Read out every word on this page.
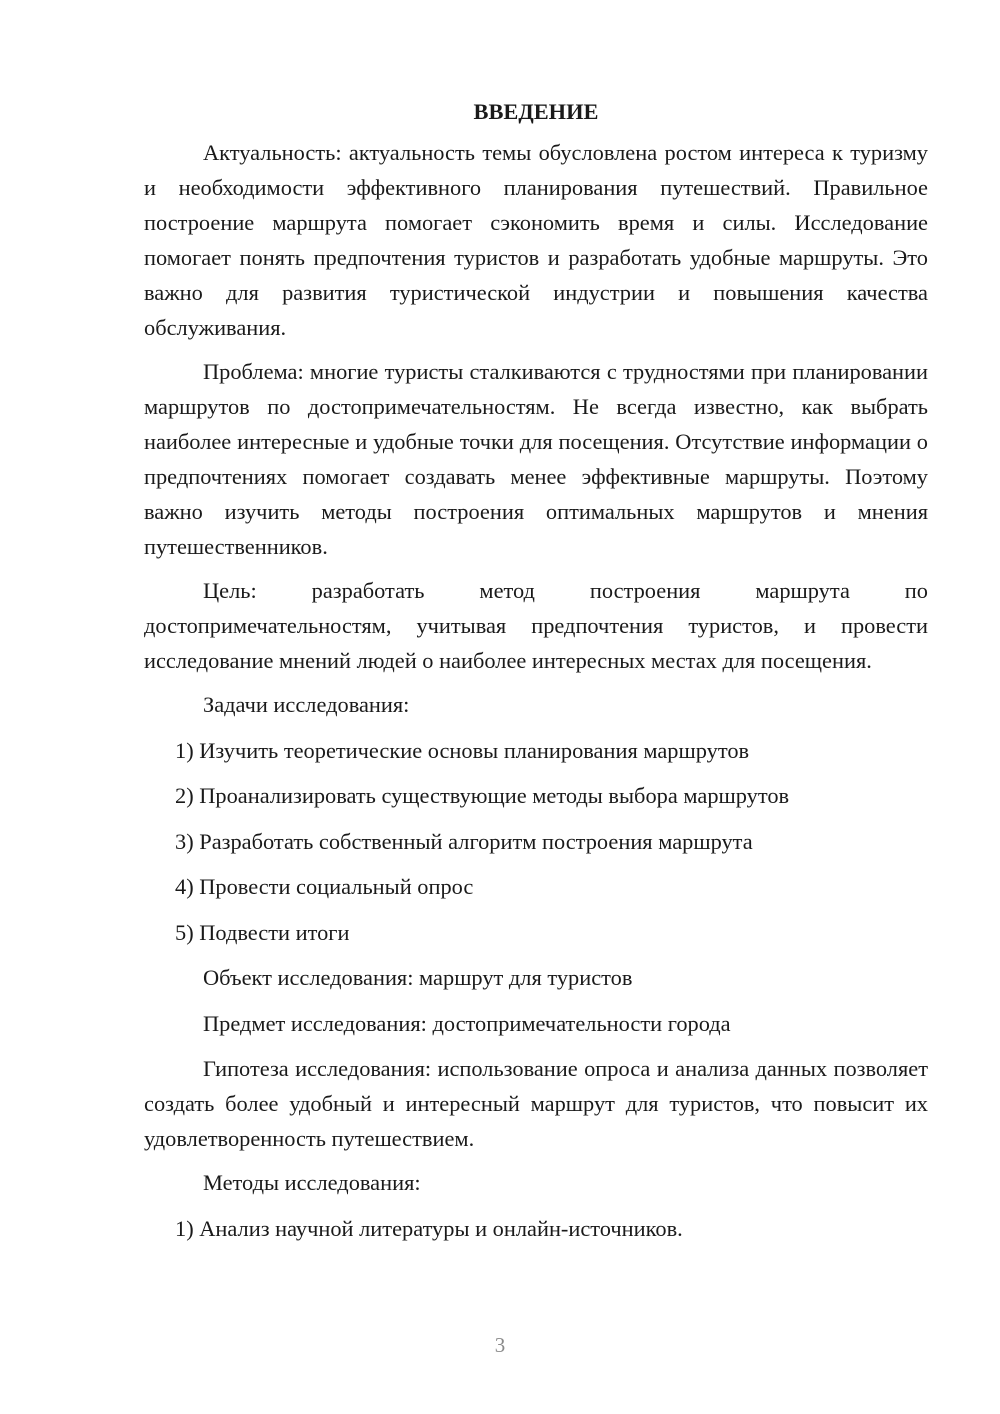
ВВЕДЕНИЕ

Актуальность: актуальность темы обусловлена ростом интереса к туризму и необходимости эффективного планирования путешествий. Правильное построение маршрута помогает сэкономить время и силы. Исследование помогает понять предпочтения туристов и разработать удобные маршруты. Это важно для развития туристической индустрии и повышения качества обслуживания.

Проблема: многие туристы сталкиваются с трудностями при планировании маршрутов по достопримечательностям. Не всегда известно, как выбрать наиболее интересные и удобные точки для посещения. Отсутствие информации о предпочтениях помогает создавать менее эффективные маршруты. Поэтому важно изучить методы построения оптимальных маршрутов и мнения путешественников.

Цель: разработать метод построения маршрута по достопримечательностям, учитывая предпочтения туристов, и провести исследование мнений людей о наиболее интересных местах для посещения.

Задачи исследования:
1) Изучить теоретические основы планирования маршрутов
2) Проанализировать существующие методы выбора маршрутов
3) Разработать собственный алгоритм построения маршрута
4) Провести социальный опрос
5) Подвести итоги
Объект исследования: маршрут для туристов
Предмет исследования: достопримечательности города

Гипотеза исследования: использование опроса и анализа данных позволяет создать более удобный и интересный маршрут для туристов, что повысит их удовлетворенность путешествием.

Методы исследования:
1) Анализ научной литературы и онлайн-источников.
3
